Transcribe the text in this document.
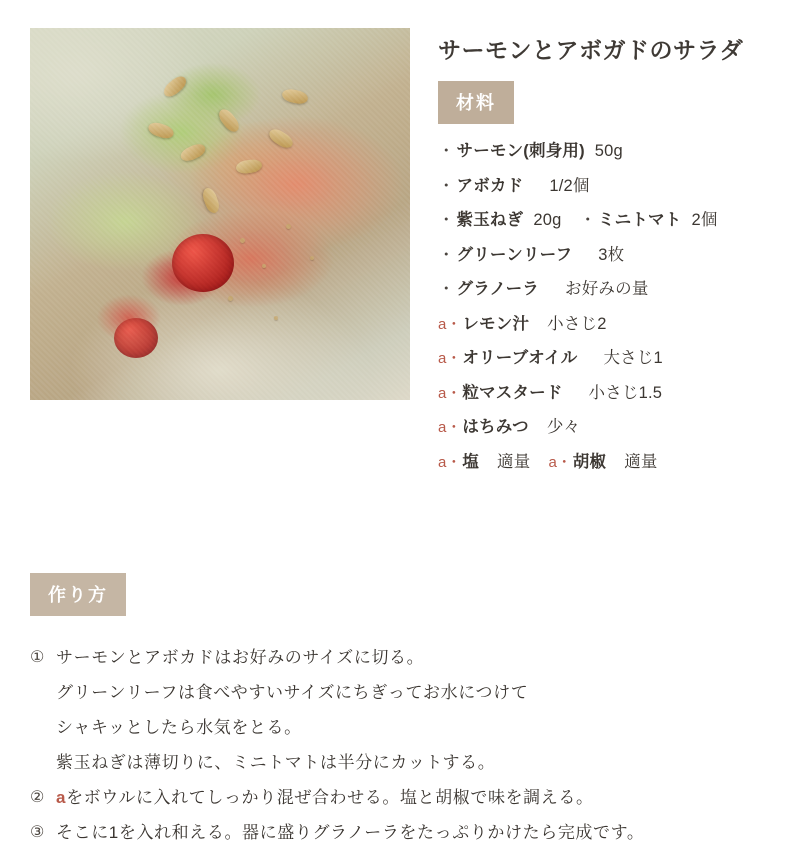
サーモンとアボガドのサラダ
材料
・ サーモン(刺身用) 50g
・ アボカド 1/2個
・ 紫玉ねぎ 20g ・ ミニトマト 2個
・ グリーンリーフ 3枚
・ グラノーラ お好みの量
a・レモン汁 小さじ2
a・オリーブオイル 大さじ1
a・粒マスタード 小さじ1.5
a・はちみつ 少々
a・塩 適量 a・胡椒 適量
作り方
① サーモンとアボカドはお好みのサイズに切る。
グリーンリーフは食べやすいサイズにちぎってお水につけて
シャキッとしたら水気をとる。
紫玉ねぎは薄切りに、ミニトマトは半分にカットする。
② aをボウルに入れてしっかり混ぜ合わせる。塩と胡椒で味を調える。
③ そこに1を入れ和える。器に盛りグラノーラをたっぷりかけたら完成です。
